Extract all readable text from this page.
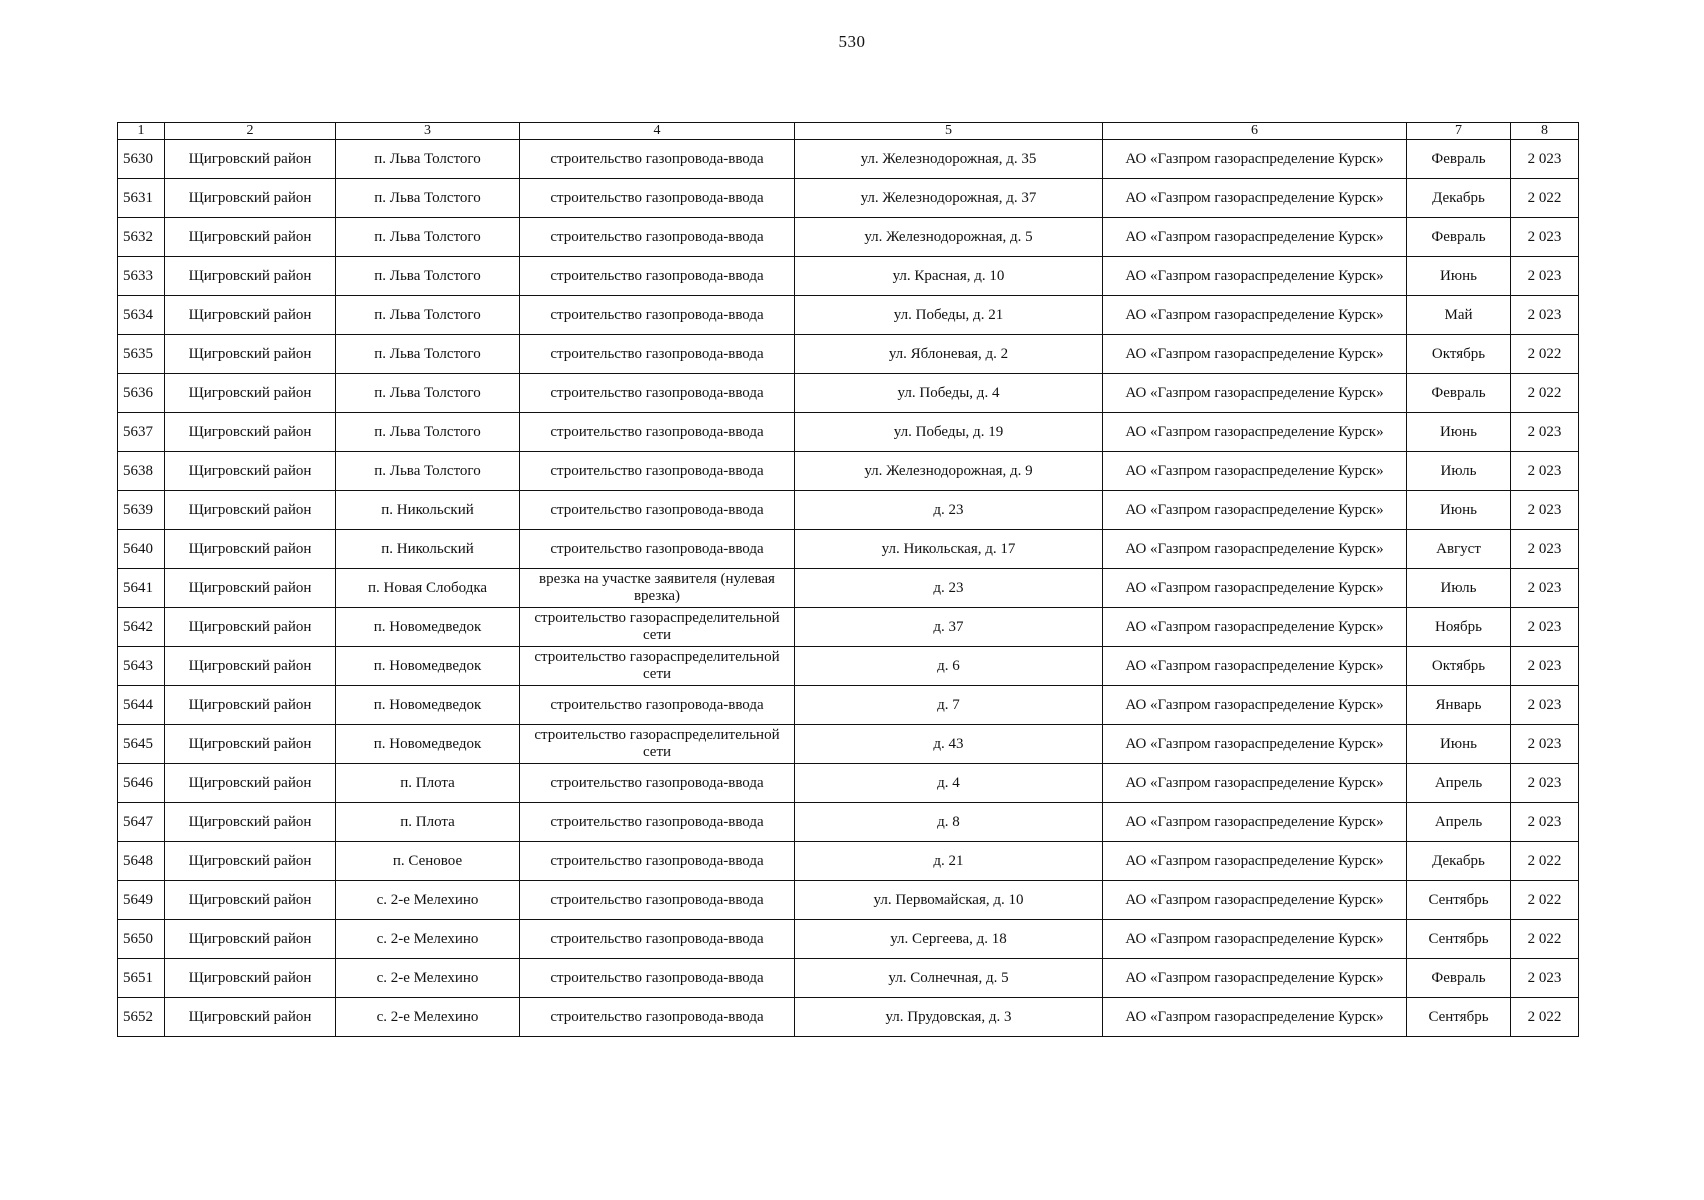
530
1	2	3	4	5	6	7	8
5630	Щигровский район	п. Льва Толстого	строительство газопровода-ввода	ул. Железнодорожная, д. 35	АО «Газпром газораспределение Курск»	Февраль	2 023
5631	Щигровский район	п. Льва Толстого	строительство газопровода-ввода	ул. Железнодорожная, д. 37	АО «Газпром газораспределение Курск»	Декабрь	2 022
5632	Щигровский район	п. Льва Толстого	строительство газопровода-ввода	ул. Железнодорожная, д. 5	АО «Газпром газораспределение Курск»	Февраль	2 023
5633	Щигровский район	п. Льва Толстого	строительство газопровода-ввода	ул. Красная, д. 10	АО «Газпром газораспределение Курск»	Июнь	2 023
5634	Щигровский район	п. Льва Толстого	строительство газопровода-ввода	ул. Победы, д. 21	АО «Газпром газораспределение Курск»	Май	2 023
5635	Щигровский район	п. Льва Толстого	строительство газопровода-ввода	ул. Яблоневая, д. 2	АО «Газпром газораспределение Курск»	Октябрь	2 022
5636	Щигровский район	п. Льва Толстого	строительство газопровода-ввода	ул. Победы, д. 4	АО «Газпром газораспределение Курск»	Февраль	2 022
5637	Щигровский район	п. Льва Толстого	строительство газопровода-ввода	ул. Победы, д. 19	АО «Газпром газораспределение Курск»	Июнь	2 023
5638	Щигровский район	п. Льва Толстого	строительство газопровода-ввода	ул. Железнодорожная, д. 9	АО «Газпром газораспределение Курск»	Июль	2 023
5639	Щигровский район	п. Никольский	строительство газопровода-ввода	д. 23	АО «Газпром газораспределение Курск»	Июнь	2 023
5640	Щигровский район	п. Никольский	строительство газопровода-ввода	ул. Никольская, д. 17	АО «Газпром газораспределение Курск»	Август	2 023
5641	Щигровский район	п. Новая Слободка	врезка на участке заявителя (нулевая врезка)	д. 23	АО «Газпром газораспределение Курск»	Июль	2 023
5642	Щигровский район	п. Новомедведок	строительство газораспределительной сети	д. 37	АО «Газпром газораспределение Курск»	Ноябрь	2 023
5643	Щигровский район	п. Новомедведок	строительство газораспределительной сети	д. 6	АО «Газпром газораспределение Курск»	Октябрь	2 023
5644	Щигровский район	п. Новомедведок	строительство газопровода-ввода	д. 7	АО «Газпром газораспределение Курск»	Январь	2 023
5645	Щигровский район	п. Новомедведок	строительство газораспределительной сети	д. 43	АО «Газпром газораспределение Курск»	Июнь	2 023
5646	Щигровский район	п. Плота	строительство газопровода-ввода	д. 4	АО «Газпром газораспределение Курск»	Апрель	2 023
5647	Щигровский район	п. Плота	строительство газопровода-ввода	д. 8	АО «Газпром газораспределение Курск»	Апрель	2 023
5648	Щигровский район	п. Сеновое	строительство газопровода-ввода	д. 21	АО «Газпром газораспределение Курск»	Декабрь	2 022
5649	Щигровский район	с. 2-е Мелехино	строительство газопровода-ввода	ул. Первомайская, д. 10	АО «Газпром газораспределение Курск»	Сентябрь	2 022
5650	Щигровский район	с. 2-е Мелехино	строительство газопровода-ввода	ул. Сергеева, д. 18	АО «Газпром газораспределение Курск»	Сентябрь	2 022
5651	Щигровский район	с. 2-е Мелехино	строительство газопровода-ввода	ул. Солнечная, д. 5	АО «Газпром газораспределение Курск»	Февраль	2 023
5652	Щигровский район	с. 2-е Мелехино	строительство газопровода-ввода	ул. Прудовская, д. 3	АО «Газпром газораспределение Курск»	Сентябрь	2 022
